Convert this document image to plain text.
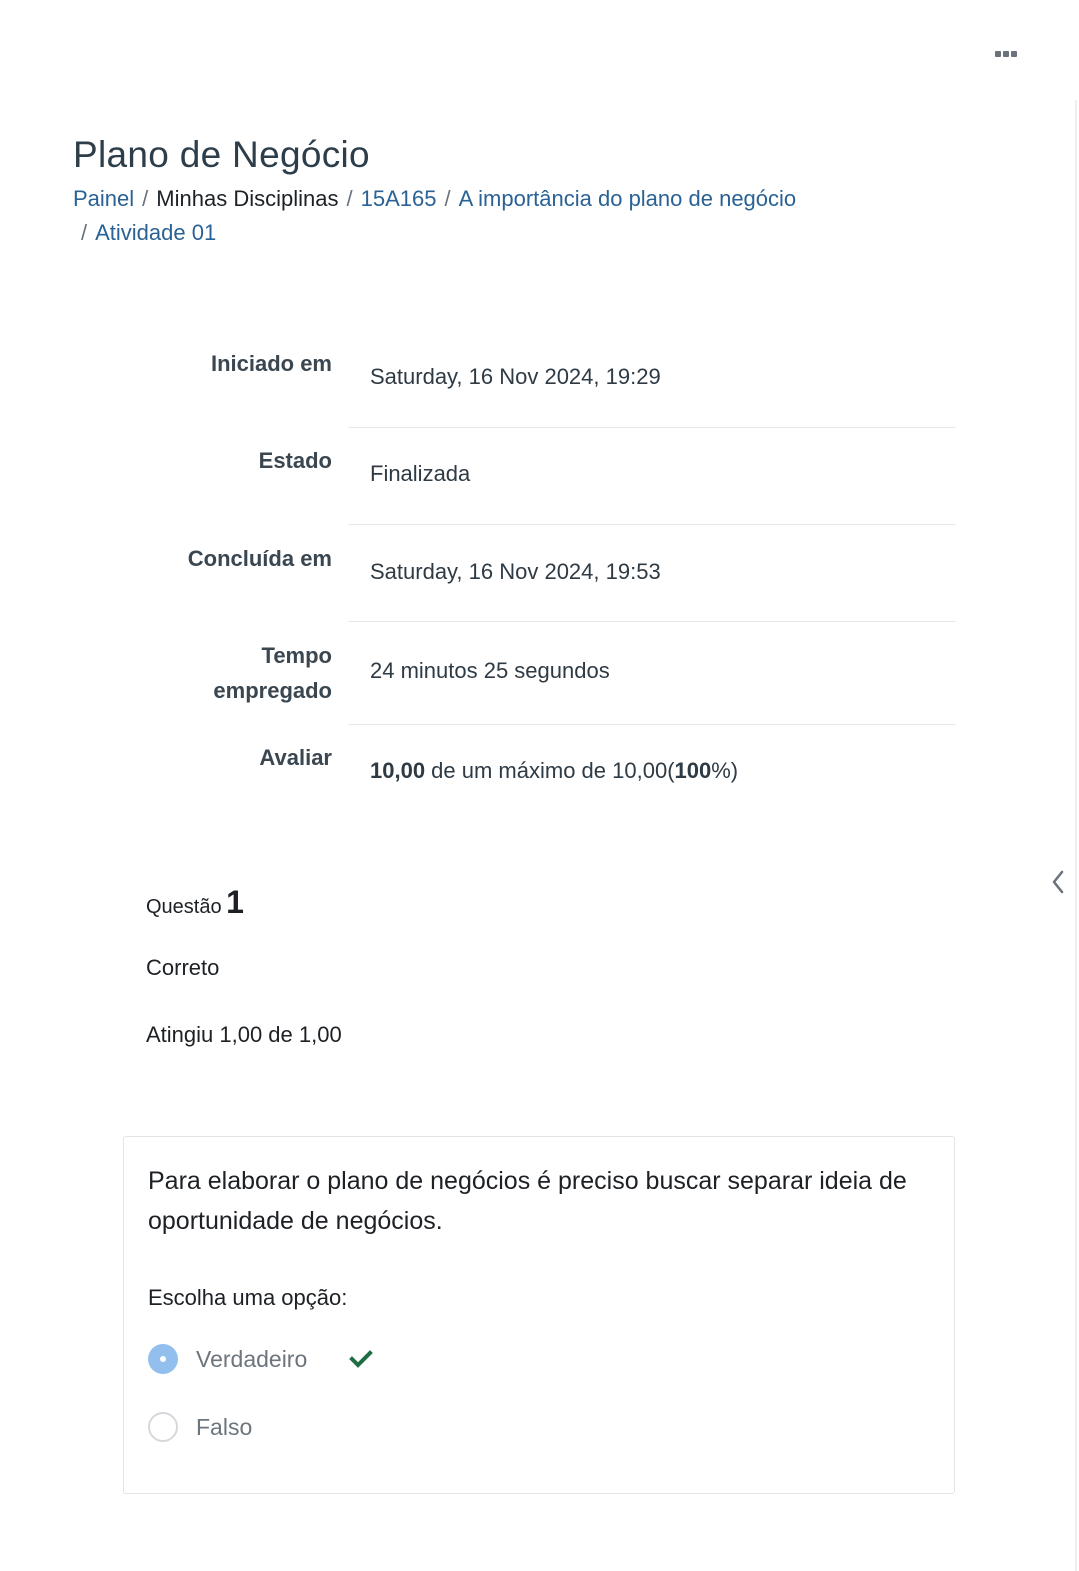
Plano de Negócio
Painel / Minhas Disciplinas / 15A165 / A importância do plano de negócio
/ Atividade 01
Iniciado em
Saturday, 16 Nov 2024, 19:29
Estado
Finalizada
Concluída em
Saturday, 16 Nov 2024, 19:53
Tempo
empregado
24 minutos 25 segundos
Avaliar
10,00 de um máximo de 10,00(100%)
Questão 1
Correto
Atingiu 1,00 de 1,00
Para elaborar o plano de negócios é preciso buscar separar ideia de oportunidade de negócios.
Escolha uma opção:
Verdadeiro
Falso
